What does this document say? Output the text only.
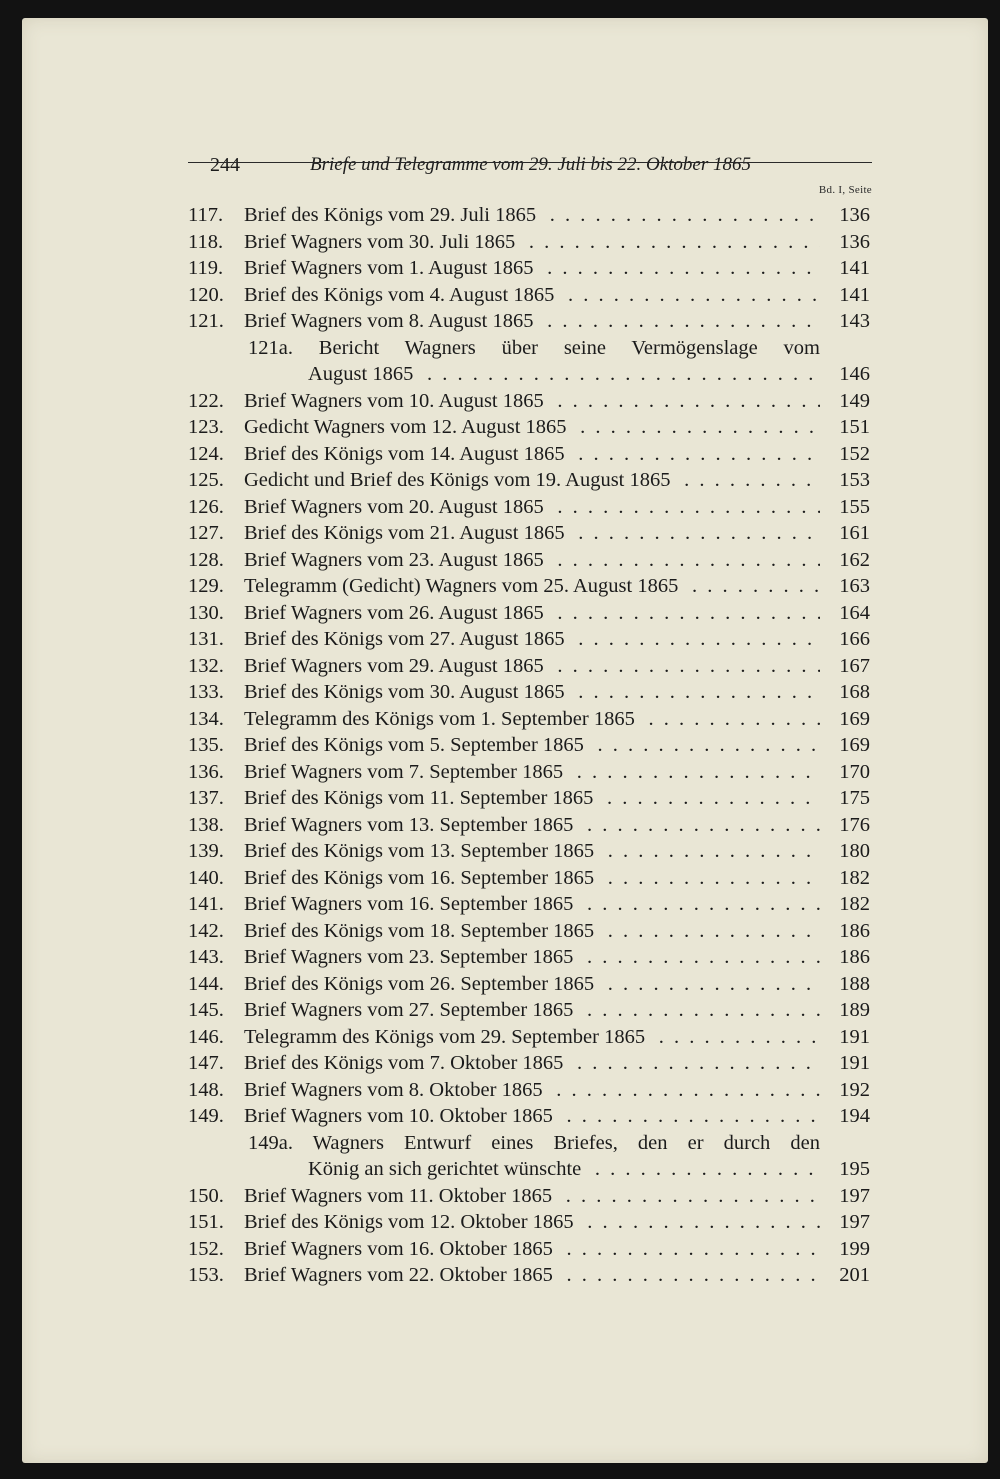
244	Briefe und Telegramme vom 29. Juli bis 22. Oktober 1865
Bd. I, Seite
117.	Brief des Königs vom 29. Juli 1865 . . .	136
118.	Brief Wagners vom 30. Juli 1865 . . .	136
119.	Brief Wagners vom 1. August 1865 . . .	141
120. Brief des Königs vom 4. August 1865 . . .	141
121. Brief Wagners vom 8. August 1865 . . .	143
121a. Bericht Wagners über seine Vermögenslage vom
August 1865 . . .	146
122. Brief Wagners vom 10. August 1865 . . .	149
123. Gedicht Wagners vom 12. August 1865 . . .	151
124. Brief des Königs vom 14. August 1865 . . .	152
125. Gedicht und Brief des Königs vom 19. August 1865 . . .	153
126. Brief Wagners vom 20. August 1865 . . .	155
127. Brief des Königs vom 21. August 1865 . . .	161
128. Brief Wagners vom 23. August 1865 . . .	162
129. Telegramm (Gedicht) Wagners vom 25. August 1865 . . .	163
130. Brief Wagners vom 26. August 1865 . . .	164
131. Brief des Königs vom 27. August 1865 . . .	166
132. Brief Wagners vom 29. August 1865 . . .	167
133. Brief des Königs vom 30. August 1865 . . .	168
134. Telegramm des Königs vom 1. September 1865 . . .	169
135. Brief des Königs vom 5. September 1865 . . .	169
136. Brief Wagners vom 7. September 1865 . . .	170
137. Brief des Königs vom 11. September 1865 . . .	175
138. Brief Wagners vom 13. September 1865 . . .	176
139. Brief des Königs vom 13. September 1865 . . .	180
140. Brief des Königs vom 16. September 1865 . . .	182
141. Brief Wagners vom 16. September 1865 . . .	182
142. Brief des Königs vom 18. September 1865 . . .	186
143. Brief Wagners vom 23. September 1865 . . .	186
144. Brief des Königs vom 26. September 1865 . . .	188
145. Brief Wagners vom 27. September 1865 . . .	189
146. Telegramm des Königs vom 29. September 1865 . . .	191
147. Brief des Königs vom 7. Oktober 1865 . . .	191
148. Brief Wagners vom 8. Oktober 1865 . . .	192
149. Brief Wagners vom 10. Oktober 1865 . . .	194
149a. Wagners Entwurf eines Briefes, den er durch den
König an sich gerichtet wünschte . . .	195
150. Brief Wagners vom 11. Oktober 1865 . . .	197
151. Brief des Königs vom 12. Oktober 1865 . . .	197
152. Brief Wagners vom 16. Oktober 1865 . . .	199
153. Brief Wagners vom 22. Oktober 1865 . . .	201
